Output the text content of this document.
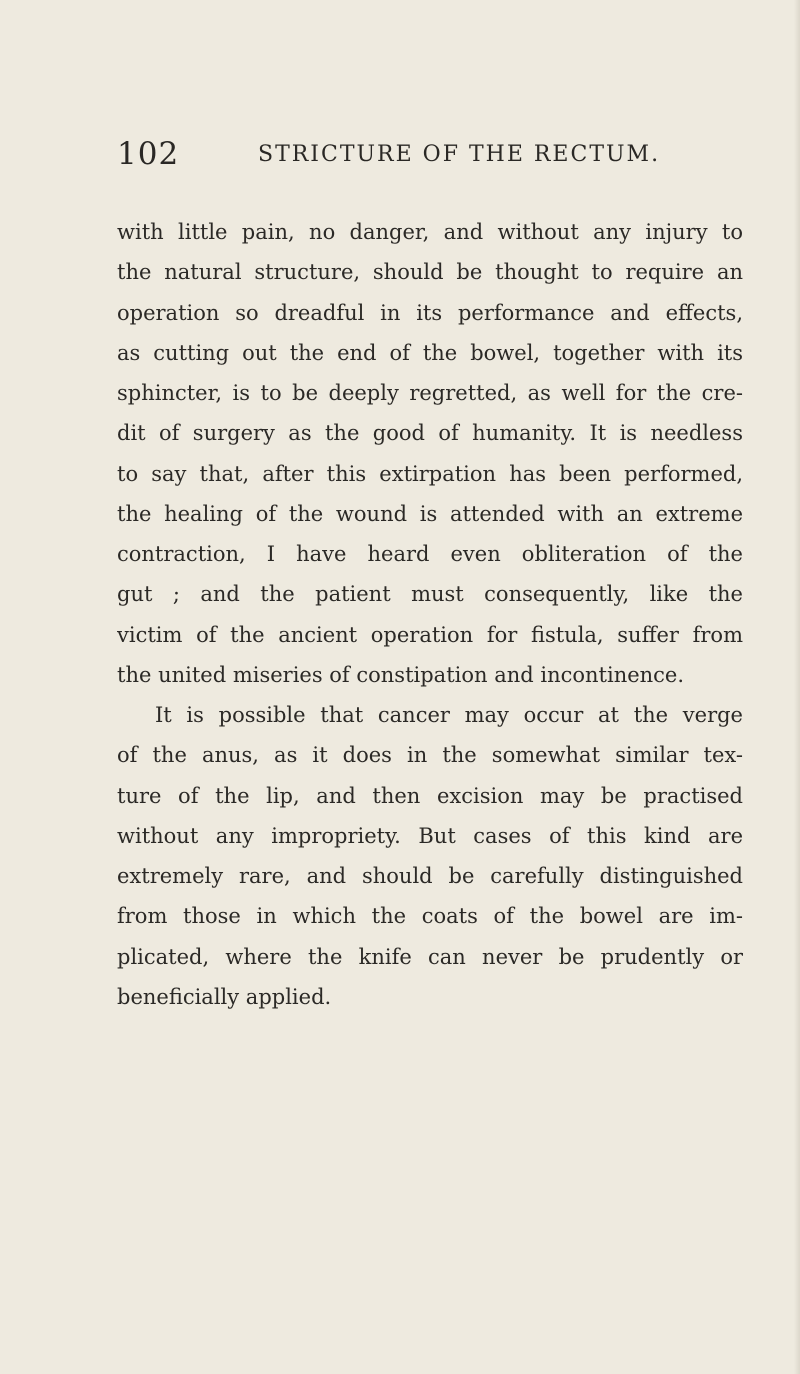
102	STRICTURE OF THE RECTUM.
with little pain, no danger, and without any injury to
the natural structure, should be thought to require an
operation so dreadful in its performance and effects,
as cutting out the end of the bowel, together with its
sphincter, is to be deeply regretted, as well for the cre-
dit of surgery as the good of humanity. It is needless
to say that, after this extirpation has been performed,
the healing of the wound is attended with an extreme
contraction, I have heard even obliteration of the
gut ; and the patient must consequently, like the
victim of the ancient operation for fistula, suffer from
the united miseries of constipation and incontinence.
It is possible that cancer may occur at the verge
of the anus, as it does in the somewhat similar tex-
ture of the lip, and then excision may be practised
without any impropriety. But cases of this kind are
extremely rare, and should be carefully distinguished
from those in which the coats of the bowel are im-
plicated, where the knife can never be prudently or
beneficially applied.
